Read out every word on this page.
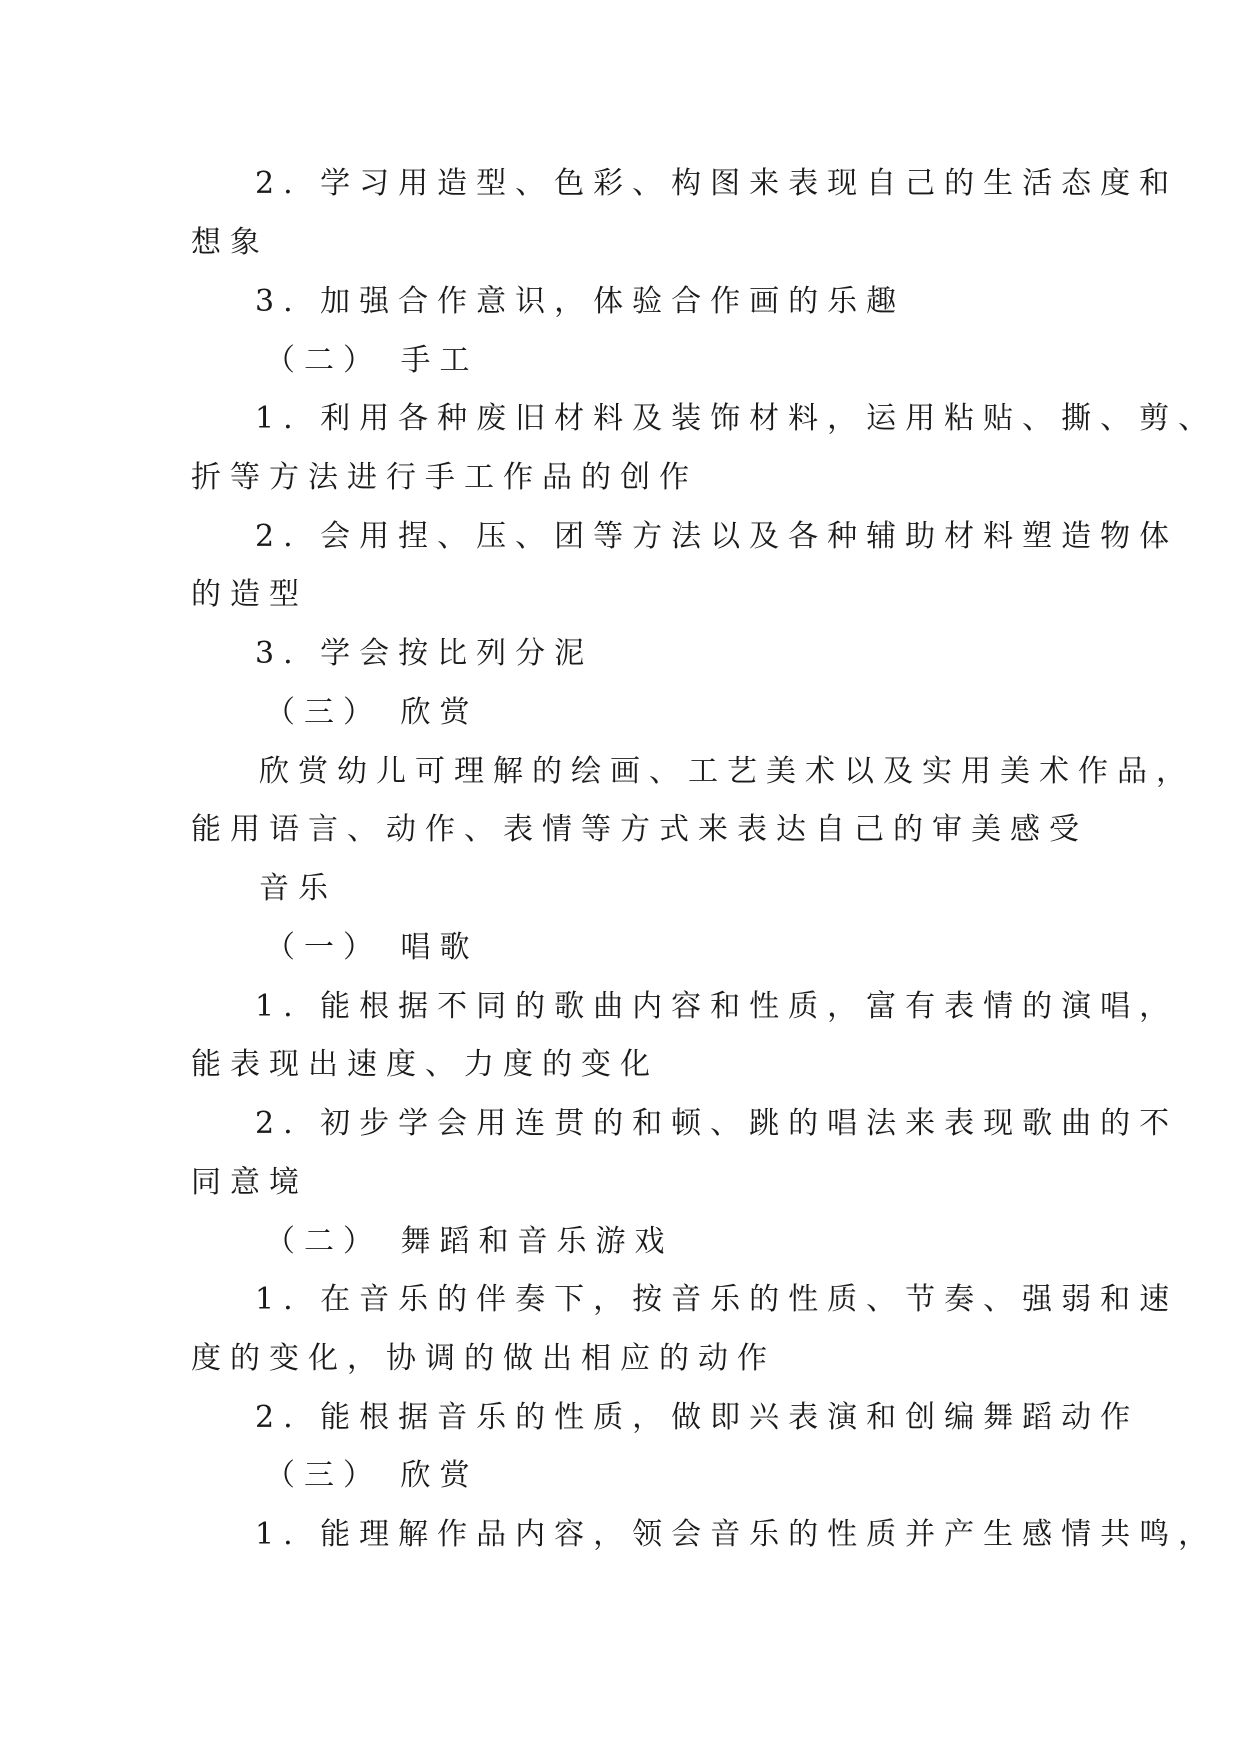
2. 学习用造型、色彩、构图来表现自己的生活态度和
想象
3. 加强合作意识，体验合作画的乐趣
（二） 手工
1. 利用各种废旧材料及装饰材料，运用粘贴、撕、剪、
折等方法进行手工作品的创作
2. 会用捏、压、团等方法以及各种辅助材料塑造物体
的造型
3. 学会按比列分泥
（三） 欣赏
欣赏幼儿可理解的绘画、工艺美术以及实用美术作品，
能用语言、动作、表情等方式来表达自己的审美感受
音乐
（一） 唱歌
1. 能根据不同的歌曲内容和性质，富有表情的演唱，
能表现出速度、力度的变化
2. 初步学会用连贯的和顿、跳的唱法来表现歌曲的不
同意境
（二） 舞蹈和音乐游戏
1. 在音乐的伴奏下，按音乐的性质、节奏、强弱和速
度的变化，协调的做出相应的动作
2. 能根据音乐的性质，做即兴表演和创编舞蹈动作
（三） 欣赏
1. 能理解作品内容，领会音乐的性质并产生感情共鸣，
